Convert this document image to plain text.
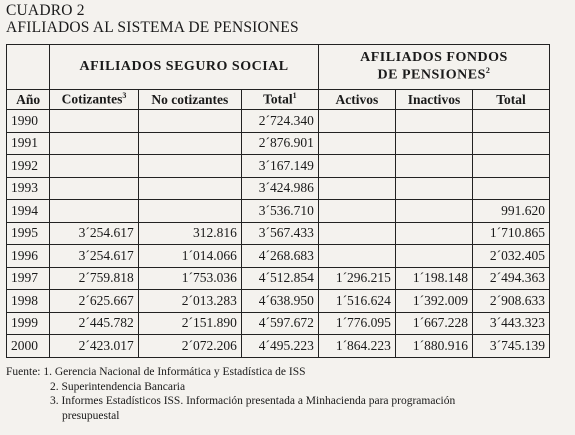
CUADRO 2
AFILIADOS AL SISTEMA DE PENSIONES
	AFILIADOS SEGURO SOCIAL			AFILIADOS FONDOS
DE PENSIONES$^2$

Año	Cotizantes$^3$	No cotizantes	Total$^1$	Activos	Inactivos	Total
1990			2´724.340			
1991			2´876.901			
1992			3´167.149			
1993			3´424.986			
1994			3´536.710			991.620
1995	3´254.617	312.816	3´567.433			1´710.865
1996	3´254.617	1´014.066	4´268.683			2´032.405
1997	2´759.818	1´753.036	4´512.854	1´296.215	1´198.148	2´494.363
1998	2´625.667	2´013.283	4´638.950	1´516.624	1´392.009	2´908.633
1999	2´445.782	2´151.890	4´597.672	1´776.095	1´667.228	3´443.323
2000	2´423.017	2´072.206	4´495.223	1´864.223	1´880.916	3´745.139
Fuente: 1. Gerencia Nacional de Informática y Estadística de ISS
2. Superintendencia Bancaria
3. Informes Estadísticos ISS. Información presentada a Minhacienda para programación
presupuestal
